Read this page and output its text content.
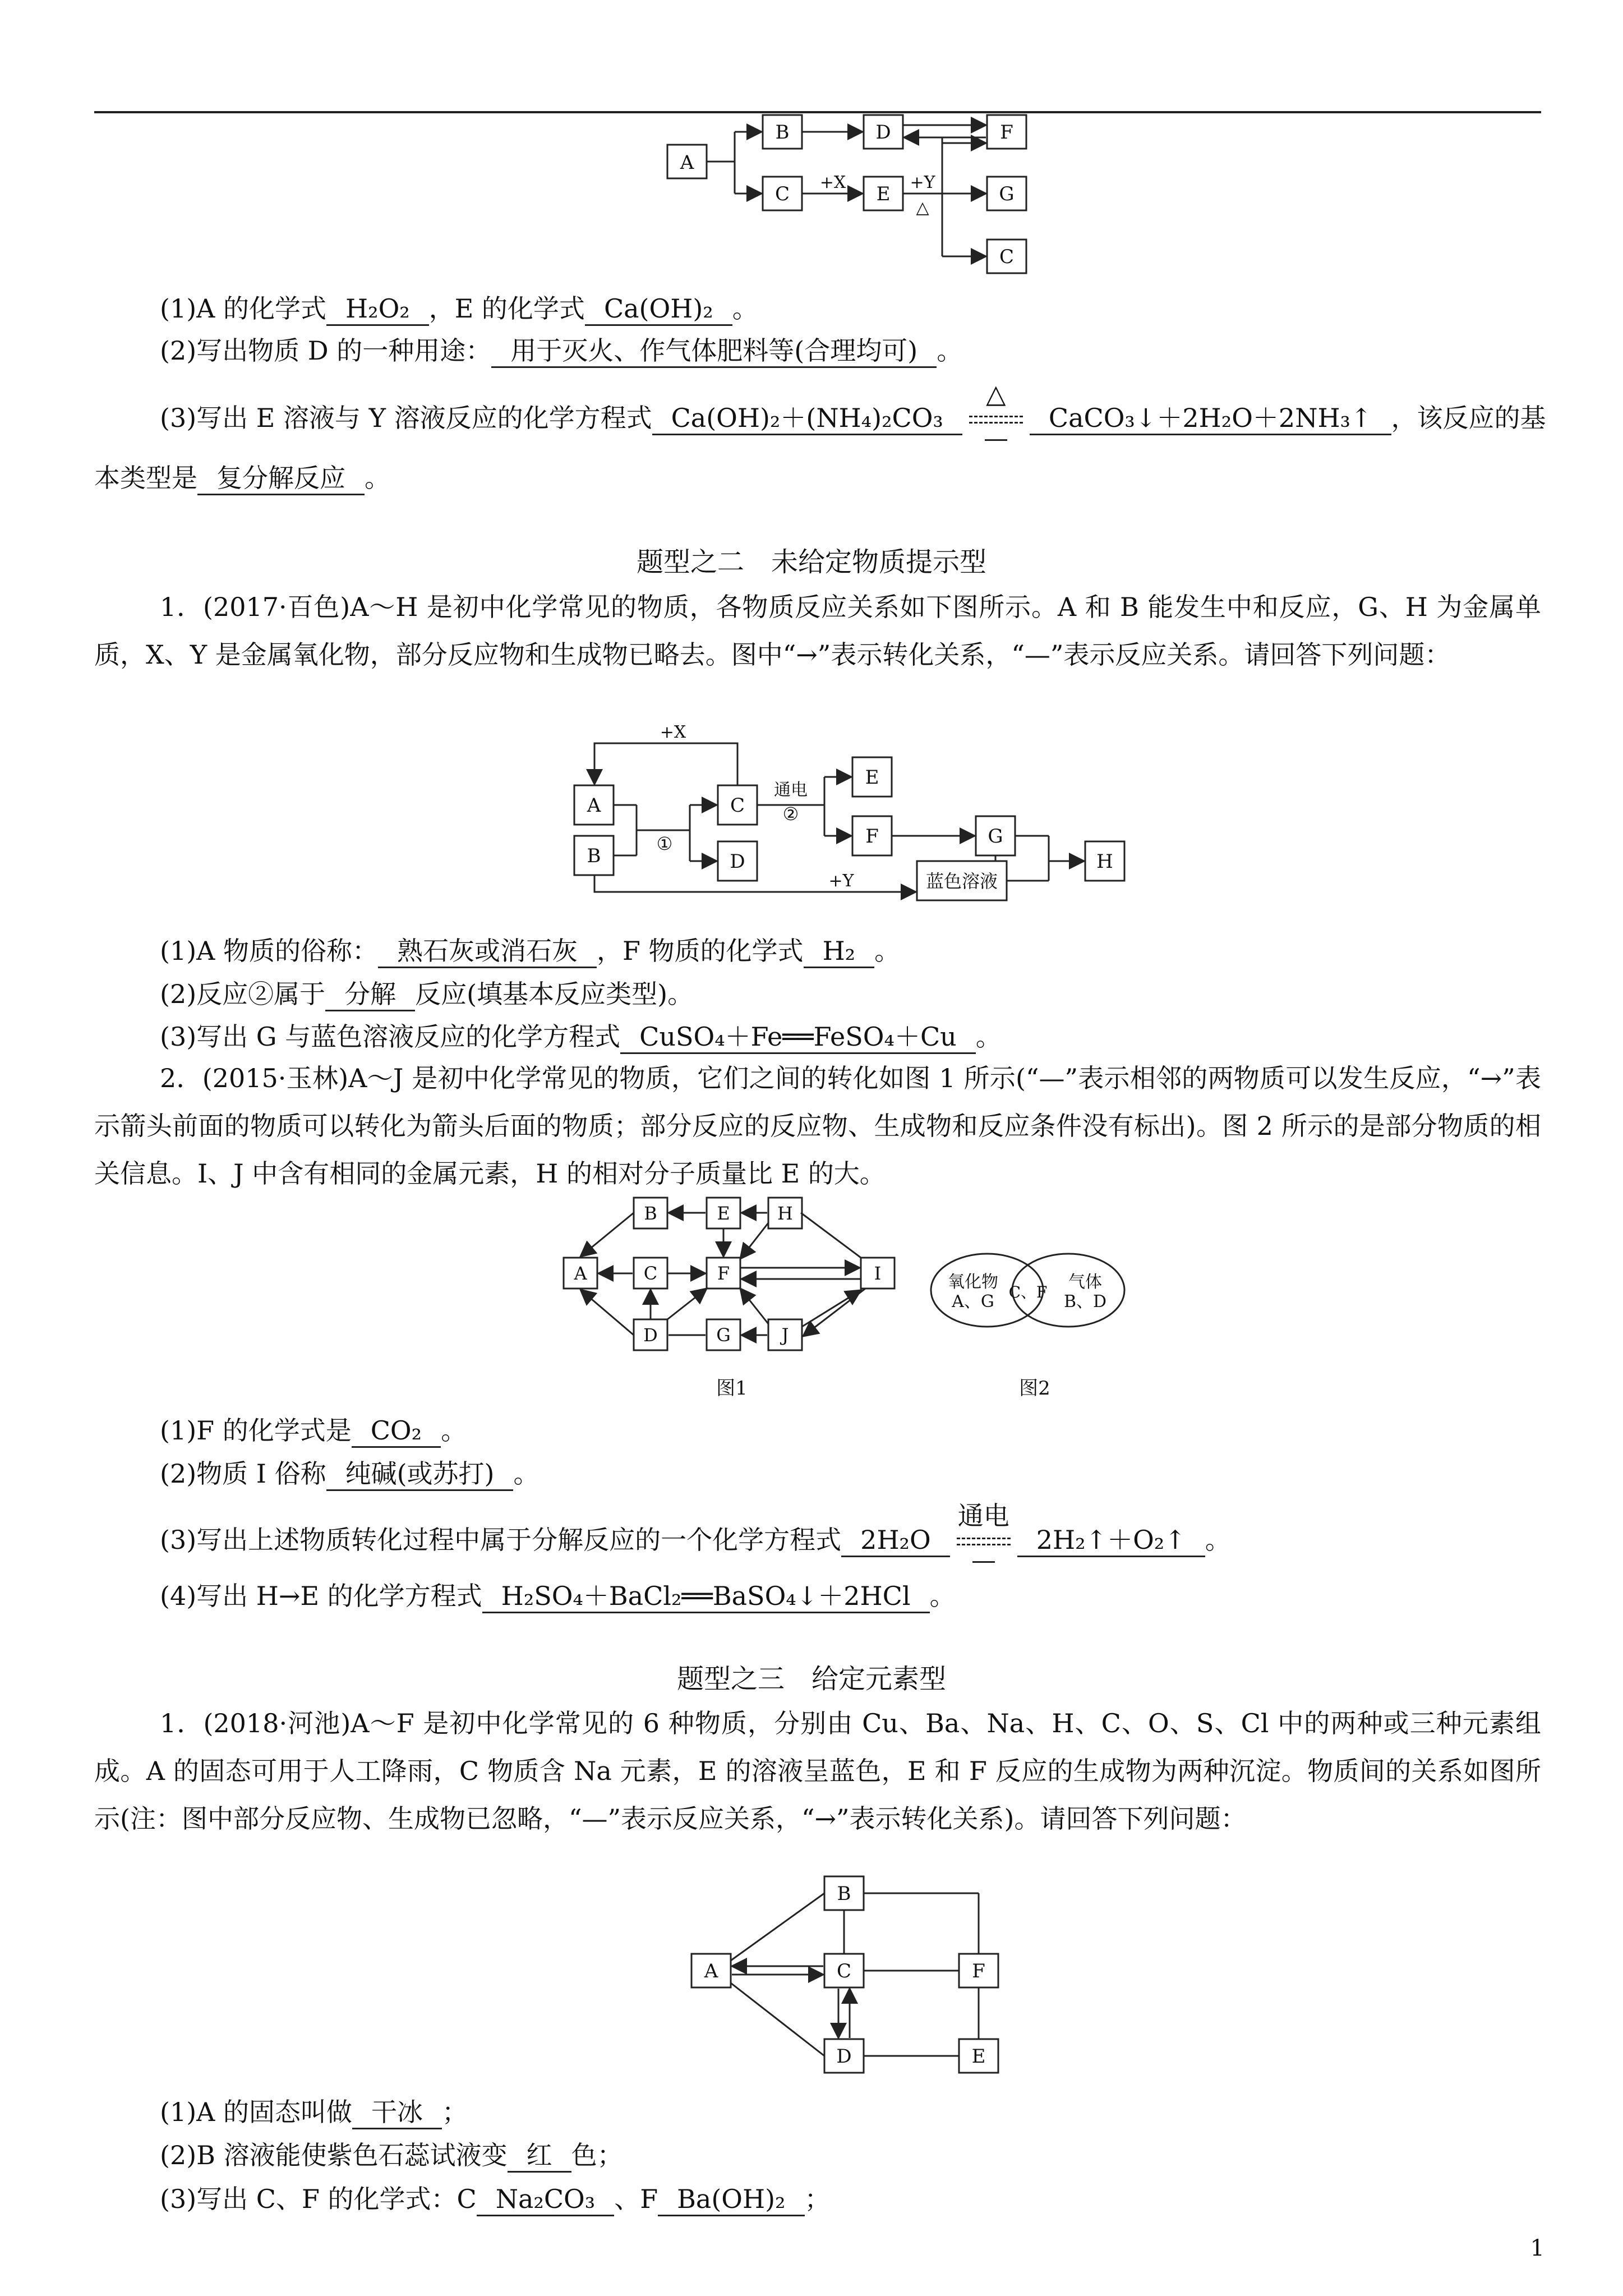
A
B	D	F
C	E	G
C
+X	+Y
△
(1)A 的化学式 H₂O₂ ，E 的化学式 Ca(OH)₂ 。
(2)写出物质 D 的一种用途： 用于灭火、作气体肥料等(合理均可) 。
(3)写出 E 溶液与 Y 溶液反应的化学方程式 Ca(OH)₂＋(NH₄)₂CO₃
△
CaCO₃↓＋2H₂O＋2NH₃↑ ，该反应的基
本类型是 复分解反应 。
题型之二　未给定物质提示型
1．(2017·百色)A～H 是初中化学常见的物质，各物质反应关系如下图所示。A 和 B 能发生中和反应，G、H 为金属单质，X、Y 是金属氧化物，部分反应物和生成物已略去。图中“→”表示转化关系，“—”表示反应关系。请回答下列问题：
A
B
C
D
E
F	G
H
蓝色溶液
+X
+Y
通电
②
①
(1)A 物质的俗称： 熟石灰或消石灰 ，F 物质的化学式 H₂ 。
(2)反应②属于 分解 反应(填基本反应类型)。
(3)写出 G 与蓝色溶液反应的化学方程式 CuSO₄＋Fe══FeSO₄＋Cu 。
2．(2015·玉林)A～J 是初中化学常见的物质，它们之间的转化如图 1 所示(“—”表示相邻的两物质可以发生反应，“→”表示箭头前面的物质可以转化为箭头后面的物质；部分反应的反应物、生成物和反应条件没有标出)。图 2 所示的是部分物质的相关信息。I、J 中含有相同的金属元素，H 的相对分子质量比 E 的大。
B	E	H
A	C	F	I
D	G	J
图1
氧化物
A、G C、F
气体
B、D
图2
(1)F 的化学式是 CO₂ 。
(2)物质 I 俗称 纯碱(或苏打) 。
(3)写出上述物质转化过程中属于分解反应的一个化学方程式 2H₂O
通电
2H₂↑＋O₂↑ 。
(4)写出 H→E 的化学方程式 H₂SO₄＋BaCl₂══BaSO₄↓＋2HCl 。
题型之三　给定元素型
1．(2018·河池)A～F 是初中化学常见的 6 种物质，分别由 Cu、Ba、Na、H、C、O、S、Cl 中的两种或三种元素组成。A 的固态可用于人工降雨，C 物质含 Na 元素，E 的溶液呈蓝色，E 和 F 反应的生成物为两种沉淀。物质间的关系如图所示(注：图中部分反应物、生成物已忽略，“—”表示反应关系，“→”表示转化关系)。请回答下列问题：
B
A	C	F
D	E
(1)A 的固态叫做 干冰 ；
(2)B 溶液能使紫色石蕊试液变 红 色；
(3)写出 C、F 的化学式：C Na₂CO₃ 、F Ba(OH)₂ ；
1
